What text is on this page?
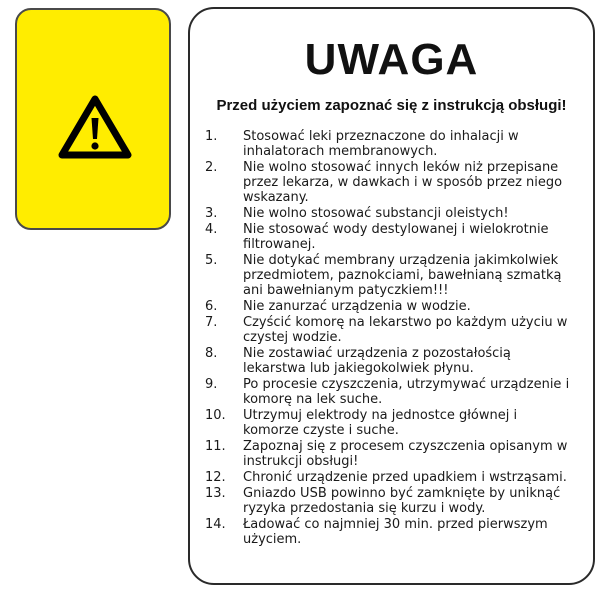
UWAGA
Przed użyciem zapoznać się z instrukcją obsługi!
1.	Stosować leki przeznaczone do inhalacji w inhalatorach membranowych.
2.	Nie wolno stosować innych leków niż przepisane przez lekarza, w dawkach i w sposób przez niego wskazany.
3.	Nie wolno stosować substancji oleistych!
4.	Nie stosować wody destylowanej i wielokrotnie filtrowanej.
5.	Nie dotykać membrany urządzenia jakimkolwiek przedmiotem, paznokciami, bawełnianą szmatką ani bawełnianym patyczkiem!!!
6.	Nie zanurzać urządzenia w wodzie.
7.	Czyścić komorę na lekarstwo po każdym użyciu w czystej wodzie.
8.	Nie zostawiać urządzenia z pozostałością lekarstwa lub jakiegokolwiek płynu.
9.	Po procesie czyszczenia, utrzymywać urządzenie i komorę na lek suche.
10.	Utrzymuj elektrody na jednostce głównej i komorze czyste i suche.
11.	Zapoznaj się z procesem czyszczenia opisanym w instrukcji obsługi!
12.	Chronić urządzenie przed upadkiem i wstrząsami.
13.	Gniazdo USB powinno być zamknięte by uniknąć ryzyka przedostania się kurzu i wody.
14.	Ładować co najmniej 30 min. przed pierwszym użyciem.
